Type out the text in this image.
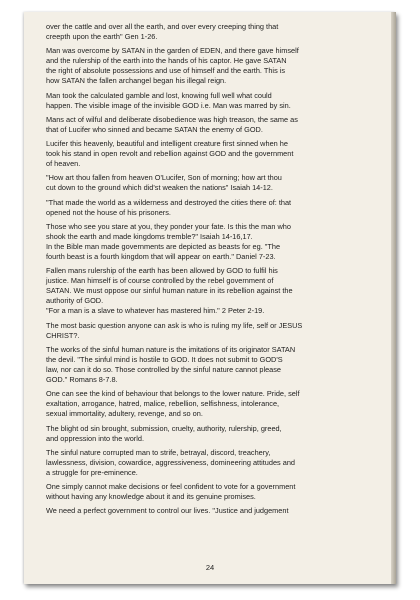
over the cattle and over all the earth, and over every creeping thing that
creepth upon the earth'' Gen 1-26.
Man was overcome by SATAN in the garden of EDEN, and there gave himself
and the rulership of the earth into the hands of his captor. He gave SATAN
the right of absolute possessions and use of himself and the earth. This is
how SATAN the fallen archangel began his illegal reign.
Man took the calculated gamble and lost, knowing full well what could
happen. The visible image of the invisible GOD i.e. Man was marred by sin.
Mans act of wilful and deliberate disobedience was high treason, the same as
that of Lucifer who sinned and became SATAN the enemy of GOD.
Lucifer this heavenly, beautiful and intelligent creature first sinned when he
took his stand in open revolt and rebellion against GOD and the government
of heaven.
"How art thou fallen from heaven O'Lucifer, Son of morning; how art thou
cut down to the ground which did'st weaken the nations" Isaiah 14-12.
"That made the world as a wilderness and destroyed the cities there of: that
opened not the house of his prisoners.
Those who see you stare at you, they ponder your fate. Is this the man who
shook the earth and made kingdoms tremble?" Isaiah 14-16,17.
In the Bible man made governments are depicted as beasts for eg. "The
fourth beast is a fourth kingdom that will appear on earth." Daniel 7-23.
Fallen mans rulership of the earth has been allowed by GOD to fulfil his
justice. Man himself is of course controlled by the rebel government of
SATAN. We must oppose our sinful human nature in its rebellion against the
authority of GOD.
"For a man is a slave to whatever has mastered him." 2 Peter 2-19.
The most basic question anyone can ask is who is ruling my life, self or JESUS
CHRIST?.
The works of the sinful human nature is the imitations of its originator SATAN
the devil. "The sinful mind is hostile to GOD. It does not submit to GOD'S
law, nor can it do so. Those controlled by the sinful nature cannot please
GOD." Romans 8-7.8.
One can see the kind of behaviour that belongs to the lower nature. Pride, self
exaltation, arrogance, hatred, malice, rebellion, selfishness, intolerance,
sexual immortality, adultery, revenge, and so on.
The blight od sin brought, submission, cruelty, authority, rulership, greed,
and oppression into the world.
The sinful nature corrupted man to strife, betrayal, discord, treachery,
lawlessness, division, cowardice, aggressiveness, domineering attitudes and
a struggle for pre-eminence.
One simply cannot make decisions or feel confident to vote for a government
without having any knowledge about it and its genuine promises.
We need a perfect government to control our lives. "Justice and judgement
24
